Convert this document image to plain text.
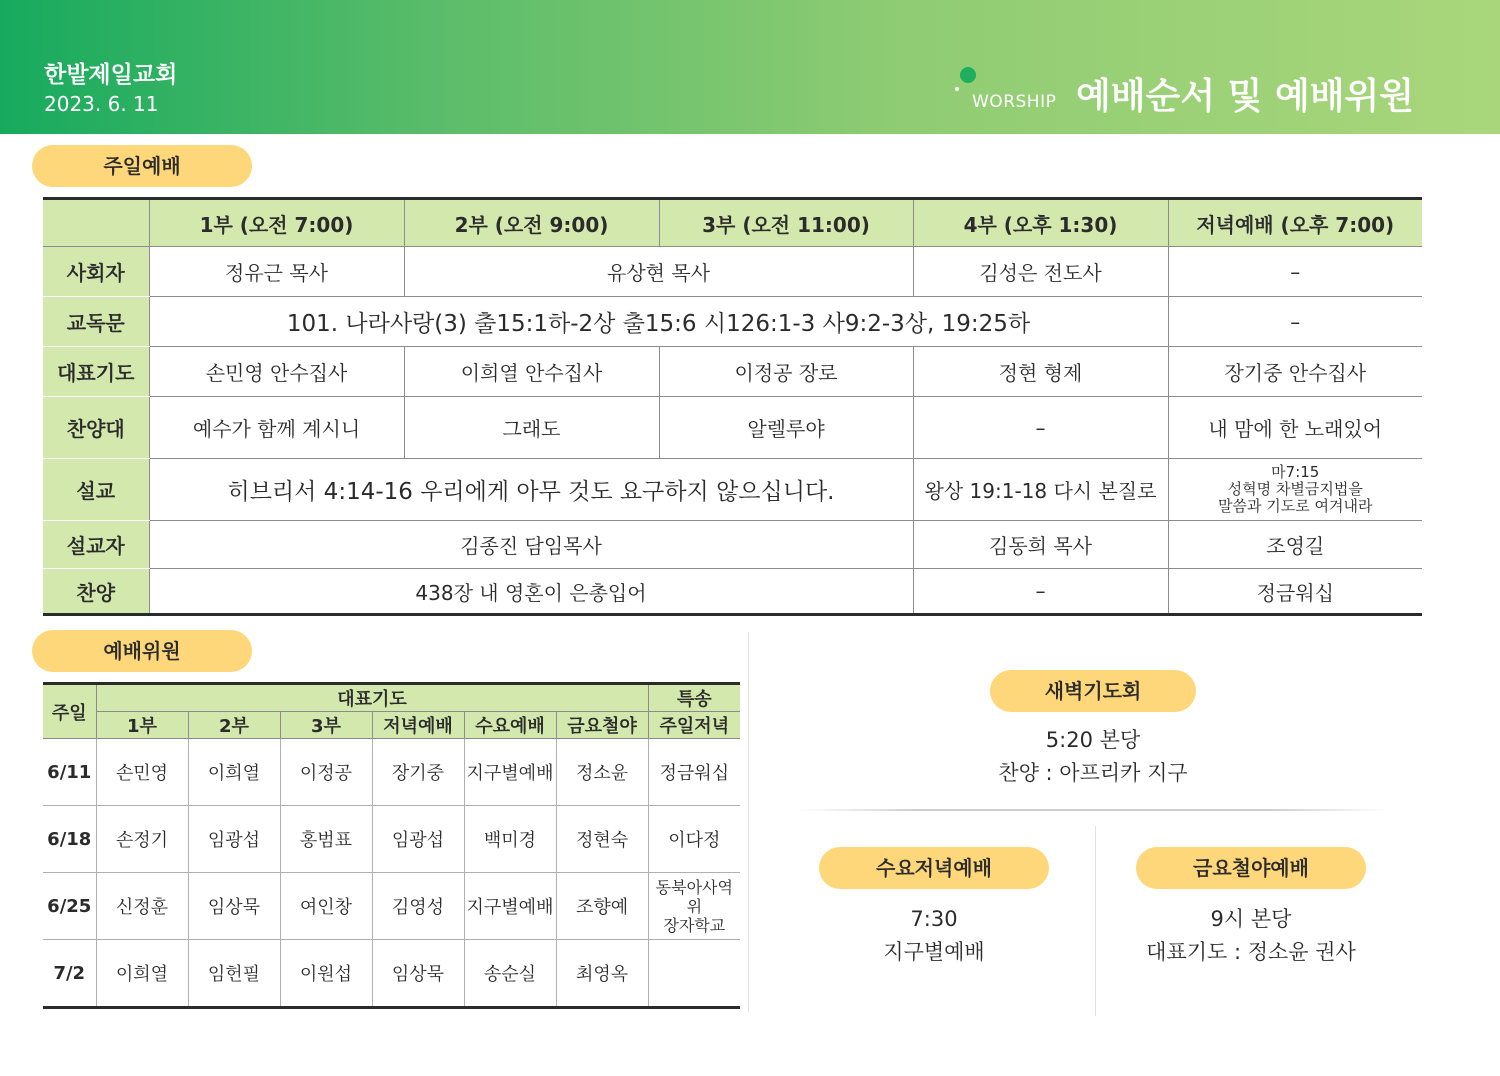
한밭제일교회
2023. 6. 11	WORSHIP 예배순서 및 예배위원
주일예배
	1부 (오전 7:00)	2부 (오전 9:00)	3부 (오전 11:00)	4부 (오후 1:30)	저녁예배 (오후 7:00)
사회자	정유근 목사	유상현 목사		김성은 전도사	–
교독문	101. 나라사랑(3) 출15:1하-2상 출15:6 시126:1-3 사9:2-3상, 19:25하				–
대표기도	손민영 안수집사	이희열 안수집사	이정공 장로	정현 형제	장기중 안수집사
찬양대	예수가 함께 계시니	그래도	알렐루야	–	내 맘에 한 노래있어
설교	히브리서 4:14-16 우리에게 아무 것도 요구하지 않으십니다.			왕상 19:1-18 다시 본질로	마7:15
성혁명 차별금지법을
말씀과 기도로 여겨내라

설교자	김종진 담임목사			김동희 목사	조영길
찬양	438장 내 영혼이 은총입어			–	정금워십
예배위원
주일	대표기도						특송
	1부	2부	3부	저녁예배	수요예배	금요철야	주일저녁
6/11	손민영	이희열	이정공	장기중	지구별예배	정소윤	정금워십
6/18	손정기	임광섭	홍범표	임광섭	백미경	정현숙	이다정
6/25	신정훈	임상묵	여인창	김영성	지구별예배	조향예	동북아사역위
장자학교

7/2	이희열	임헌필	이원섭	임상묵	송순실	최영옥	
새벽기도회
5:20 본당
찬양 : 아프리카 지구
수요저녁예배
7:30
지구별예배
금요철야예배
9시 본당
대표기도 : 정소윤 권사
